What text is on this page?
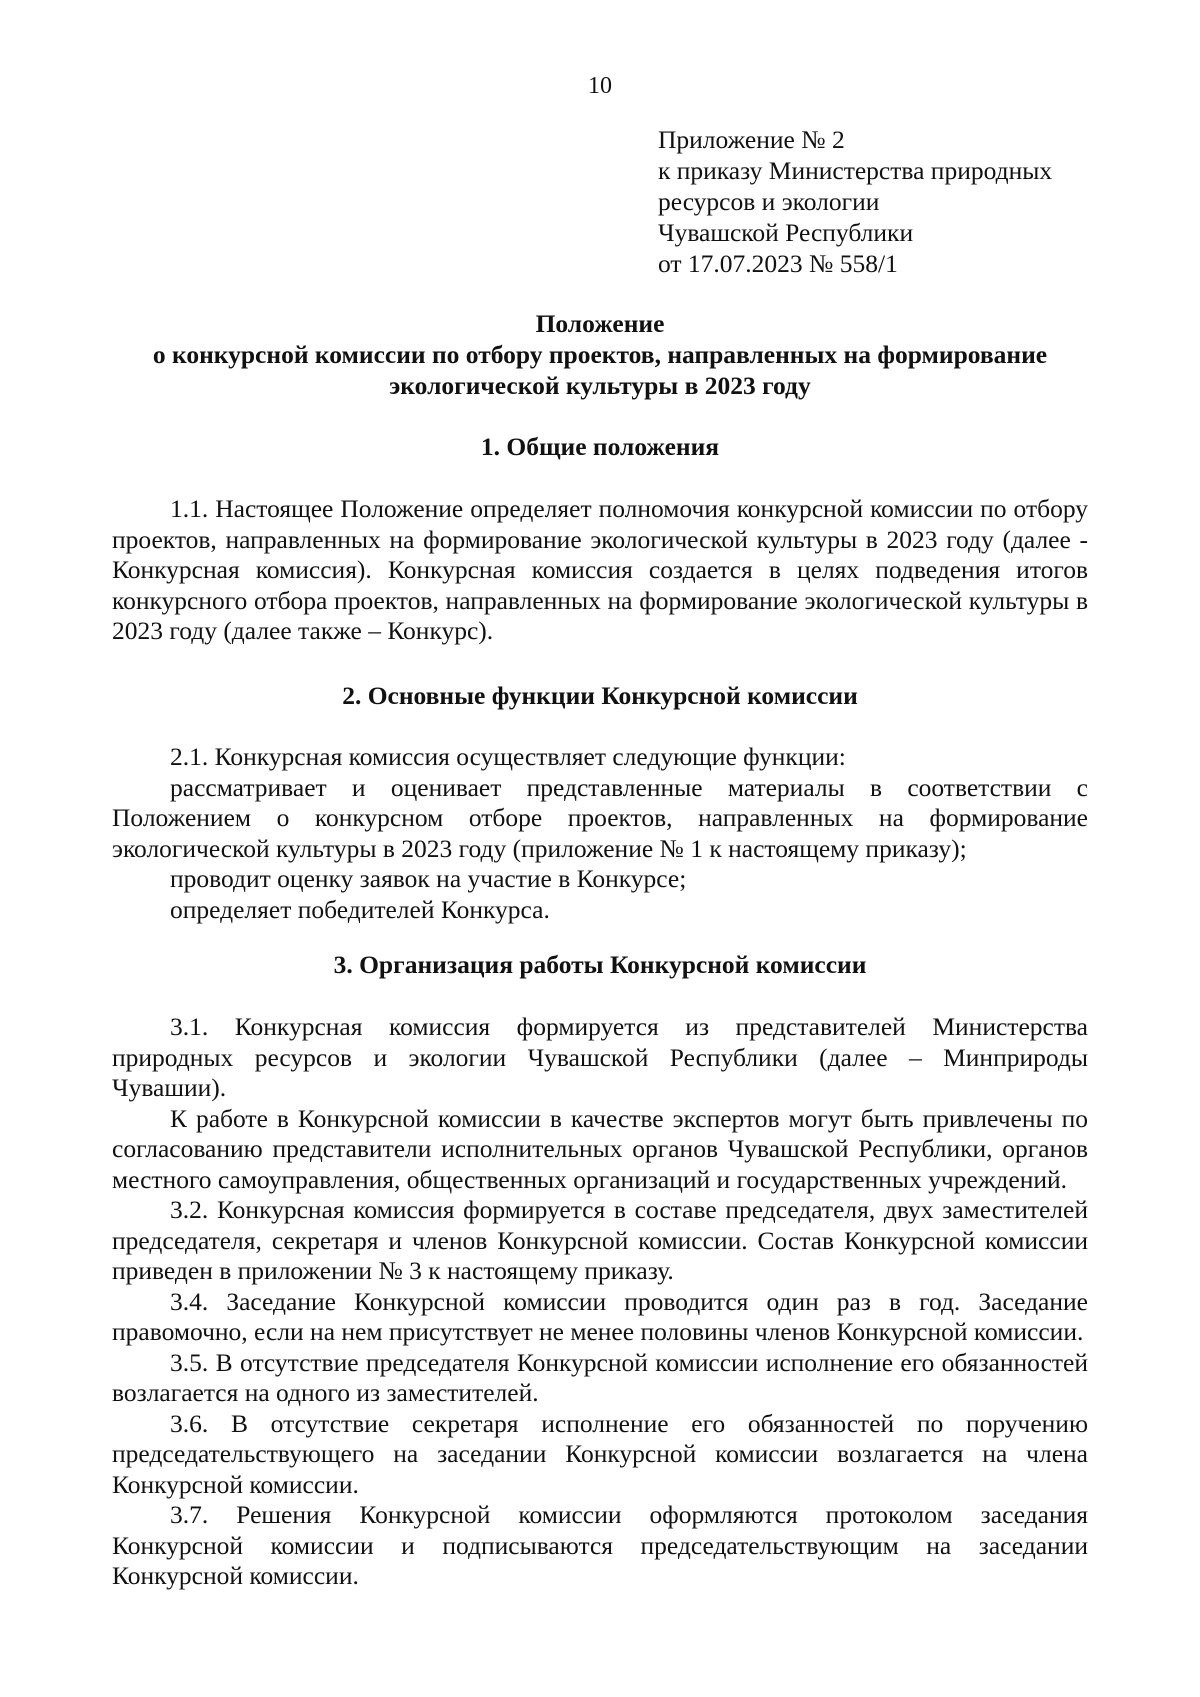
10
Приложение № 2
к приказу Министерства природных
ресурсов и экологии
Чувашской Республики
от 17.07.2023 № 558/1
Положение
о конкурсной комиссии по отбору проектов, направленных на формирование
экологической культуры в 2023 году
1. Общие положения

1.1. Настоящее Положение определяет полномочия конкурсной комиссии по отбору проектов, направленных на формирование экологической культуры в 2023 году (далее - Конкурсная комиссия). Конкурсная комиссия создается в целях подведения итогов конкурсного отбора проектов, направленных на формирование экологической культуры в 2023 году (далее также – Конкурс).

2. Основные функции Конкурсной комиссии

2.1. Конкурсная комиссия осуществляет следующие функции:

рассматривает и оценивает представленные материалы в соответствии с Положением о конкурсном отборе проектов, направленных на формирование экологической культуры в 2023 году (приложение № 1 к настоящему приказу);

проводит оценку заявок на участие в Конкурсе;

определяет победителей Конкурса.

3. Организация работы Конкурсной комиссии

3.1. Конкурсная комиссия формируется из представителей Министерства природных ресурсов и экологии Чувашской Республики (далее – Минприроды Чувашии).

К работе в Конкурсной комиссии в качестве экспертов могут быть привлечены по согласованию представители исполнительных органов Чувашской Республики, органов местного самоуправления, общественных организаций и государственных учреждений.

3.2. Конкурсная комиссия формируется в составе председателя, двух заместителей председателя, секретаря и членов Конкурсной комиссии. Состав Конкурсной комиссии приведен в приложении № 3 к настоящему приказу.

3.4. Заседание Конкурсной комиссии проводится один раз в год. Заседание правомочно, если на нем присутствует не менее половины членов Конкурсной комиссии.

3.5. В отсутствие председателя Конкурсной комиссии исполнение его обязанностей возлагается на одного из заместителей.

3.6. В отсутствие секретаря исполнение его обязанностей по поручению председательствующего на заседании Конкурсной комиссии возлагается на члена Конкурсной комиссии.

3.7. Решения Конкурсной комиссии оформляются протоколом заседания Конкурсной комиссии и подписываются председательствующим на заседании Конкурсной комиссии.
